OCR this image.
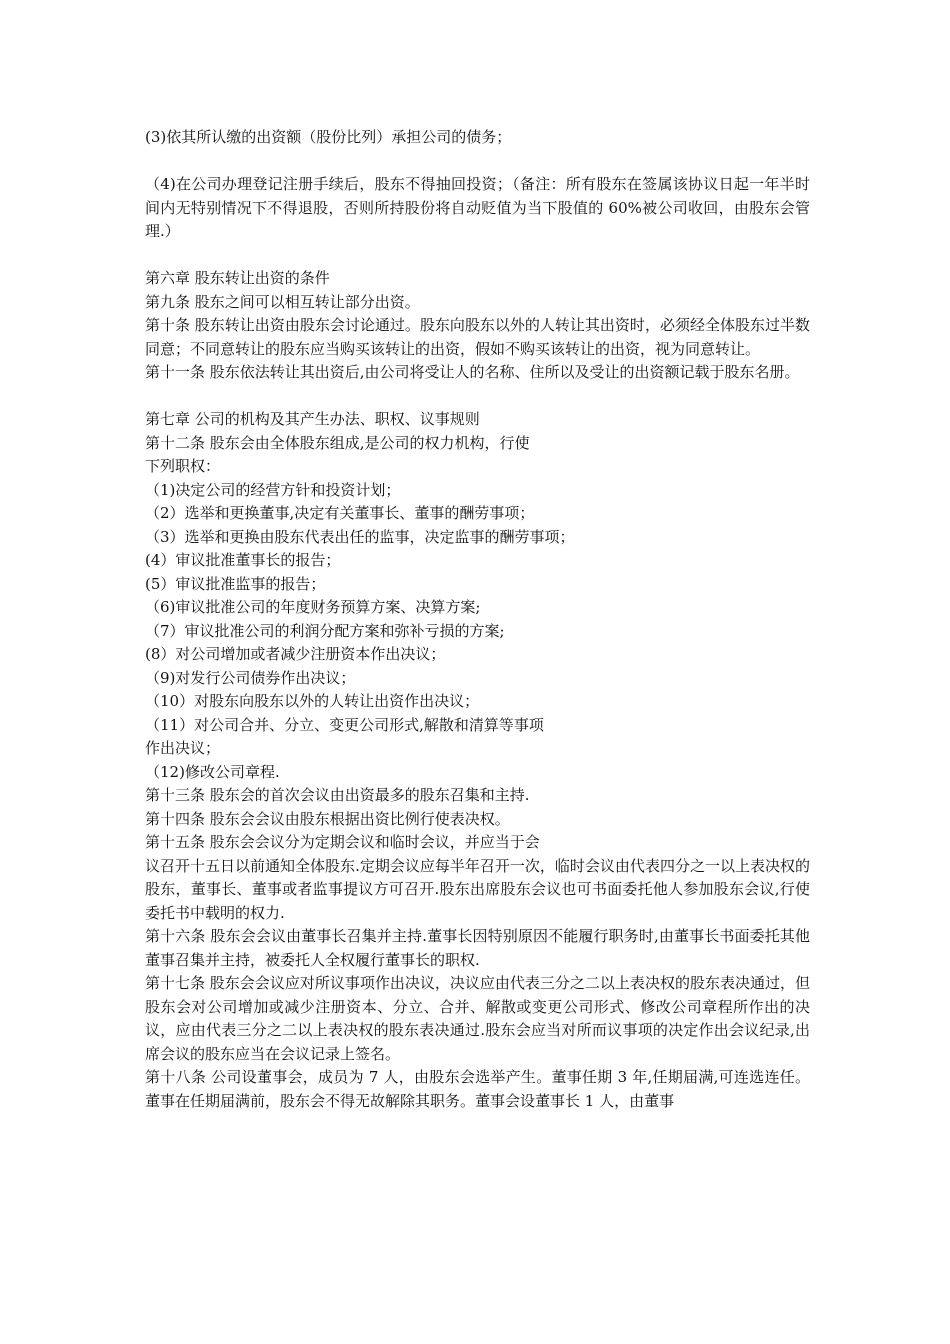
(3)依其所认缴的出资额（股份比列）承担公司的债务；

（4)在公司办理登记注册手续后，股东不得抽回投资；（备注：所有股东在签属该协议日起一年半时间内无特别情况下不得退股，否则所持股份将自动贬值为当下股值的 60%被公司收回，由股东会管理.）

第六章 股东转让出资的条件

第九条 股东之间可以相互转让部分出资。

第十条 股东转让出资由股东会讨论通过。股东向股东以外的人转让其出资时，必须经全体股东过半数同意；不同意转让的股东应当购买该转让的出资，假如不购买该转让的出资，视为同意转让。

第十一条 股东依法转让其出资后,由公司将受让人的名称、住所以及受让的出资额记载于股东名册。

第七章 公司的机构及其产生办法、职权、议事规则

第十二条 股东会由全体股东组成,是公司的权力机构，行使

下列职权：

（1)决定公司的经营方针和投资计划；

（2）选举和更换董事,决定有关董事长、董事的酬劳事项；

（3）选举和更换由股东代表出任的监事，决定监事的酬劳事项；

(4）审议批准董事长的报告；

(5）审议批准监事的报告；

（6)审议批准公司的年度财务预算方案、决算方案;

（7）审议批准公司的利润分配方案和弥补亏损的方案;

(8）对公司增加或者减少注册资本作出决议；

（9)对发行公司债券作出决议；

（10）对股东向股东以外的人转让出资作出决议；

（11）对公司合并、分立、变更公司形式,解散和清算等事项

作出决议；

（12)修改公司章程.

第十三条 股东会的首次会议由出资最多的股东召集和主持.

第十四条 股东会会议由股东根据出资比例行使表决权。

第十五条 股东会会议分为定期会议和临时会议，并应当于会

议召开十五日以前通知全体股东.定期会议应每半年召开一次，临时会议由代表四分之一以上表决权的股东，董事长、董事或者监事提议方可召开.股东出席股东会议也可书面委托他人参加股东会议,行使委托书中载明的权力.

第十六条 股东会会议由董事长召集并主持.董事长因特别原因不能履行职务时,由董事长书面委托其他董事召集并主持，被委托人全权履行董事长的职权.

第十七条 股东会会议应对所议事项作出决议，决议应由代表三分之二以上表决权的股东表决通过，但股东会对公司增加或减少注册资本、分立、合并、解散或变更公司形式、修改公司章程所作出的决议，应由代表三分之二以上表决权的股东表决通过.股东会应当对所而议事项的决定作出会议纪录,出席会议的股东应当在会议记录上签名。

第十八条 公司设董事会，成员为 7 人，由股东会选举产生。董事任期 3 年,任期届满,可连选连任。董事在任期届满前，股东会不得无故解除其职务。董事会设董事长 1 人，由董事
